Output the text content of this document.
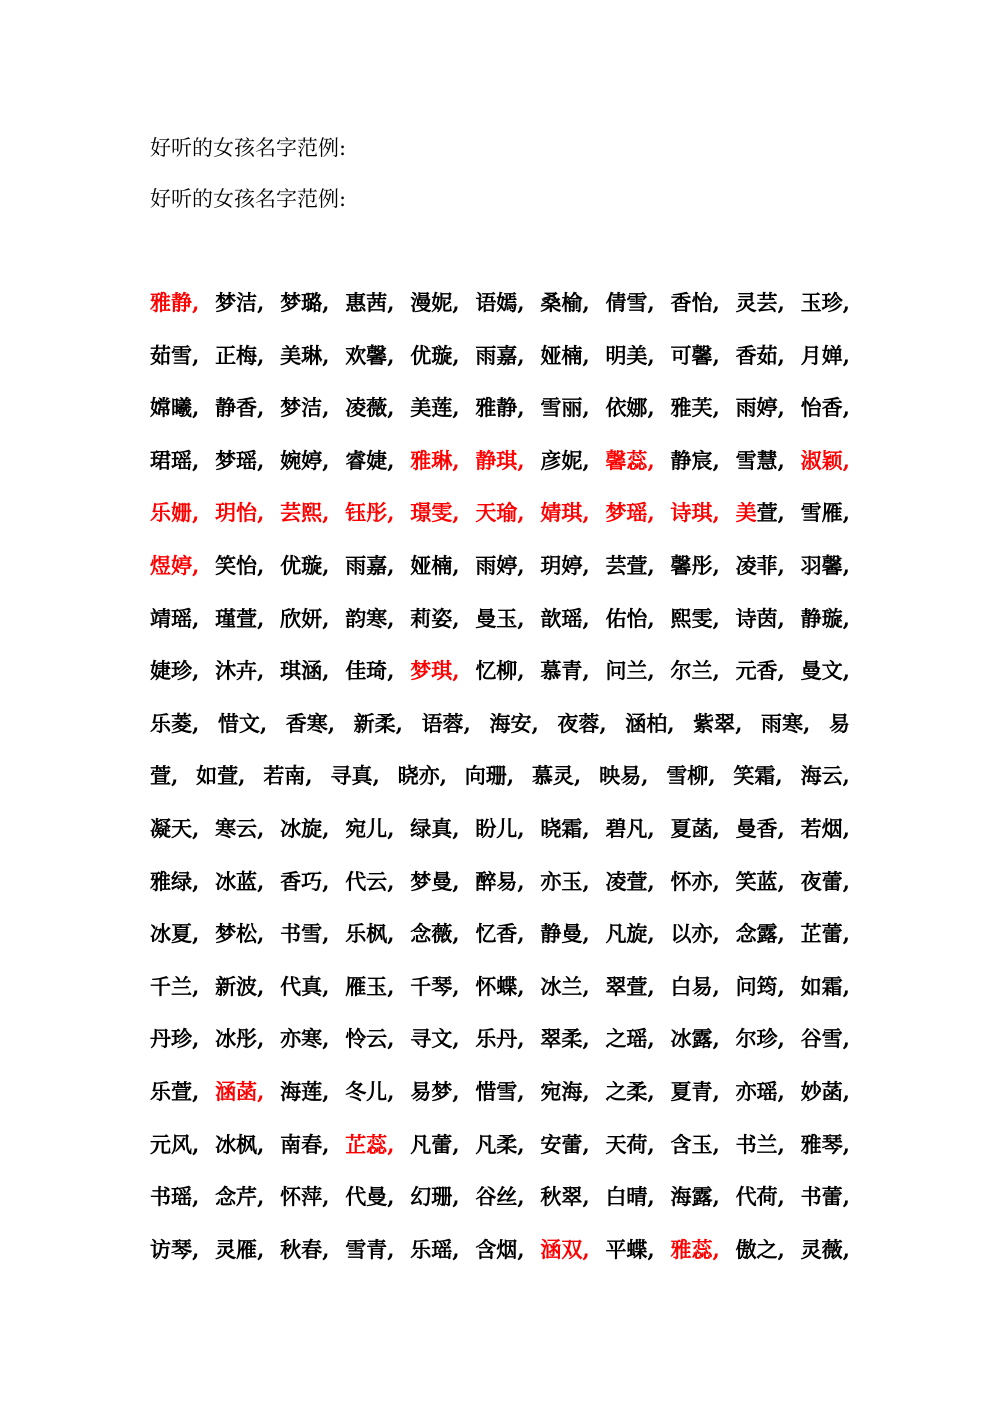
好听的女孩名字范例:
好听的女孩名字范例:
雅静, 梦洁, 梦璐, 惠茜, 漫妮, 语嫣, 桑榆, 倩雪, 香怡, 灵芸, 玉珍,
茹雪, 正梅, 美琳, 欢馨, 优璇, 雨嘉, 娅楠, 明美, 可馨, 香茹, 月婵,
嫦曦, 静香, 梦洁, 凌薇, 美莲, 雅静, 雪丽, 依娜, 雅芙, 雨婷, 怡香,
珺瑶, 梦瑶, 婉婷, 睿婕, 雅琳, 静琪, 彦妮, 馨蕊, 静宸, 雪慧, 淑颖,
乐姗, 玥怡, 芸熙, 钰彤, 璟雯, 天瑜, 婧琪, 梦瑶, 诗琪, 美萱, 雪雁,
煜婷, 笑怡, 优璇, 雨嘉, 娅楠, 雨婷, 玥婷, 芸萱, 馨彤, 凌菲, 羽馨,
靖瑶, 瑾萱, 欣妍, 韵寒, 莉姿, 曼玉, 歆瑶, 佑怡, 熙雯, 诗茵, 静璇,
婕珍, 沐卉, 琪涵, 佳琦, 梦琪, 忆柳, 慕青, 问兰, 尔兰, 元香, 曼文,
乐菱, 惜文, 香寒, 新柔, 语蓉, 海安, 夜蓉, 涵柏, 紫翠, 雨寒, 易
萱, 如萱, 若南, 寻真, 晓亦, 向珊, 慕灵, 映易, 雪柳, 笑霜, 海云,
凝天, 寒云, 冰旋, 宛儿, 绿真, 盼儿, 晓霜, 碧凡, 夏菡, 曼香, 若烟,
雅绿, 冰蓝, 香巧, 代云, 梦曼, 醉易, 亦玉, 凌萱, 怀亦, 笑蓝, 夜蕾,
冰夏, 梦松, 书雪, 乐枫, 念薇, 忆香, 静曼, 凡旋, 以亦, 念露, 芷蕾,
千兰, 新波, 代真, 雁玉, 千琴, 怀蝶, 冰兰, 翠萱, 白易, 问筠, 如霜,
丹珍, 冰彤, 亦寒, 怜云, 寻文, 乐丹, 翠柔, 之瑶, 冰露, 尔珍, 谷雪,
乐萱, 涵菡, 海莲, 冬儿, 易梦, 惜雪, 宛海, 之柔, 夏青, 亦瑶, 妙菡,
元风, 冰枫, 南春, 芷蕊, 凡蕾, 凡柔, 安蕾, 天荷, 含玉, 书兰, 雅琴,
书瑶, 念芹, 怀萍, 代曼, 幻珊, 谷丝, 秋翠, 白晴, 海露, 代荷, 书蕾,
访琴, 灵雁, 秋春, 雪青, 乐瑶, 含烟, 涵双, 平蝶, 雅蕊, 傲之, 灵薇,
